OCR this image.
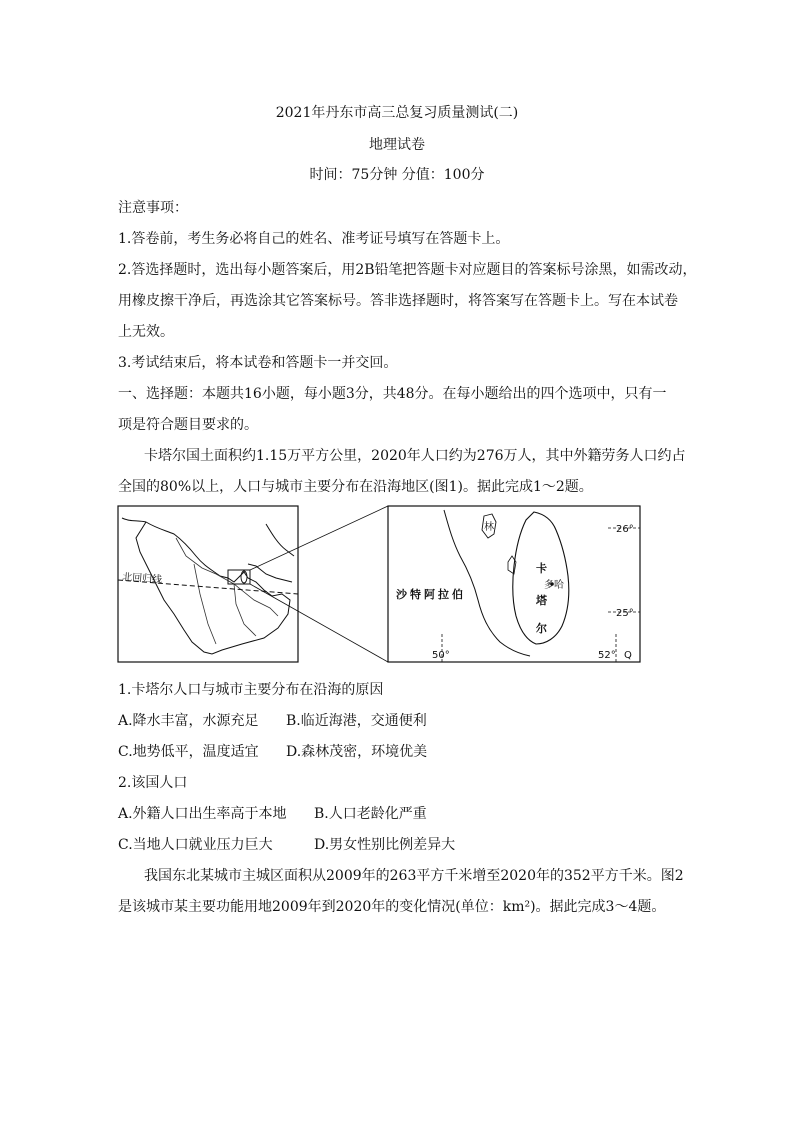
2021年丹东市高三总复习质量测试(二)
地理试卷
时间：75分钟 分值：100分
注意事项：
1.答卷前，考生务必将自己的姓名、准考证号填写在答题卡上。
2.答选择题时，选出每小题答案后，用2B铅笔把答题卡对应题目的答案标号涂黑，如需改动，
用橡皮擦干净后，再选涂其它答案标号。答非选择题时，将答案写在答题卡上。写在本试卷
上无效。
3.考试结束后，将本试卷和答题卡一并交回。
一、选择题：本题共16小题，每小题3分，共48分。在每小题给出的四个选项中，只有一
项是符合题目要求的。
卡塔尔国土面积约1.15万平方公里，2020年人口约为276万人，其中外籍劳务人口约占
全国的80%以上，人口与城市主要分布在沿海地区(图1)。据此完成1～2题。
北回归线
沙特阿拉伯
卡
塔
尔
多哈
林	26°
25°
50°	52° Q
1.卡塔尔人口与城市主要分布在沿海的原因
A.降水丰富，水源充足 B.临近海港，交通便利
C.地势低平，温度适宜 D.森林茂密，环境优美
2.该国人口
A.外籍人口出生率高于本地 B.人口老龄化严重
C.当地人口就业压力巨大	D.男女性别比例差异大
我国东北某城市主城区面积从2009年的263平方千米增至2020年的352平方千米。图2
是该城市某主要功能用地2009年到2020年的变化情况(单位：km²)。据此完成3～4题。
